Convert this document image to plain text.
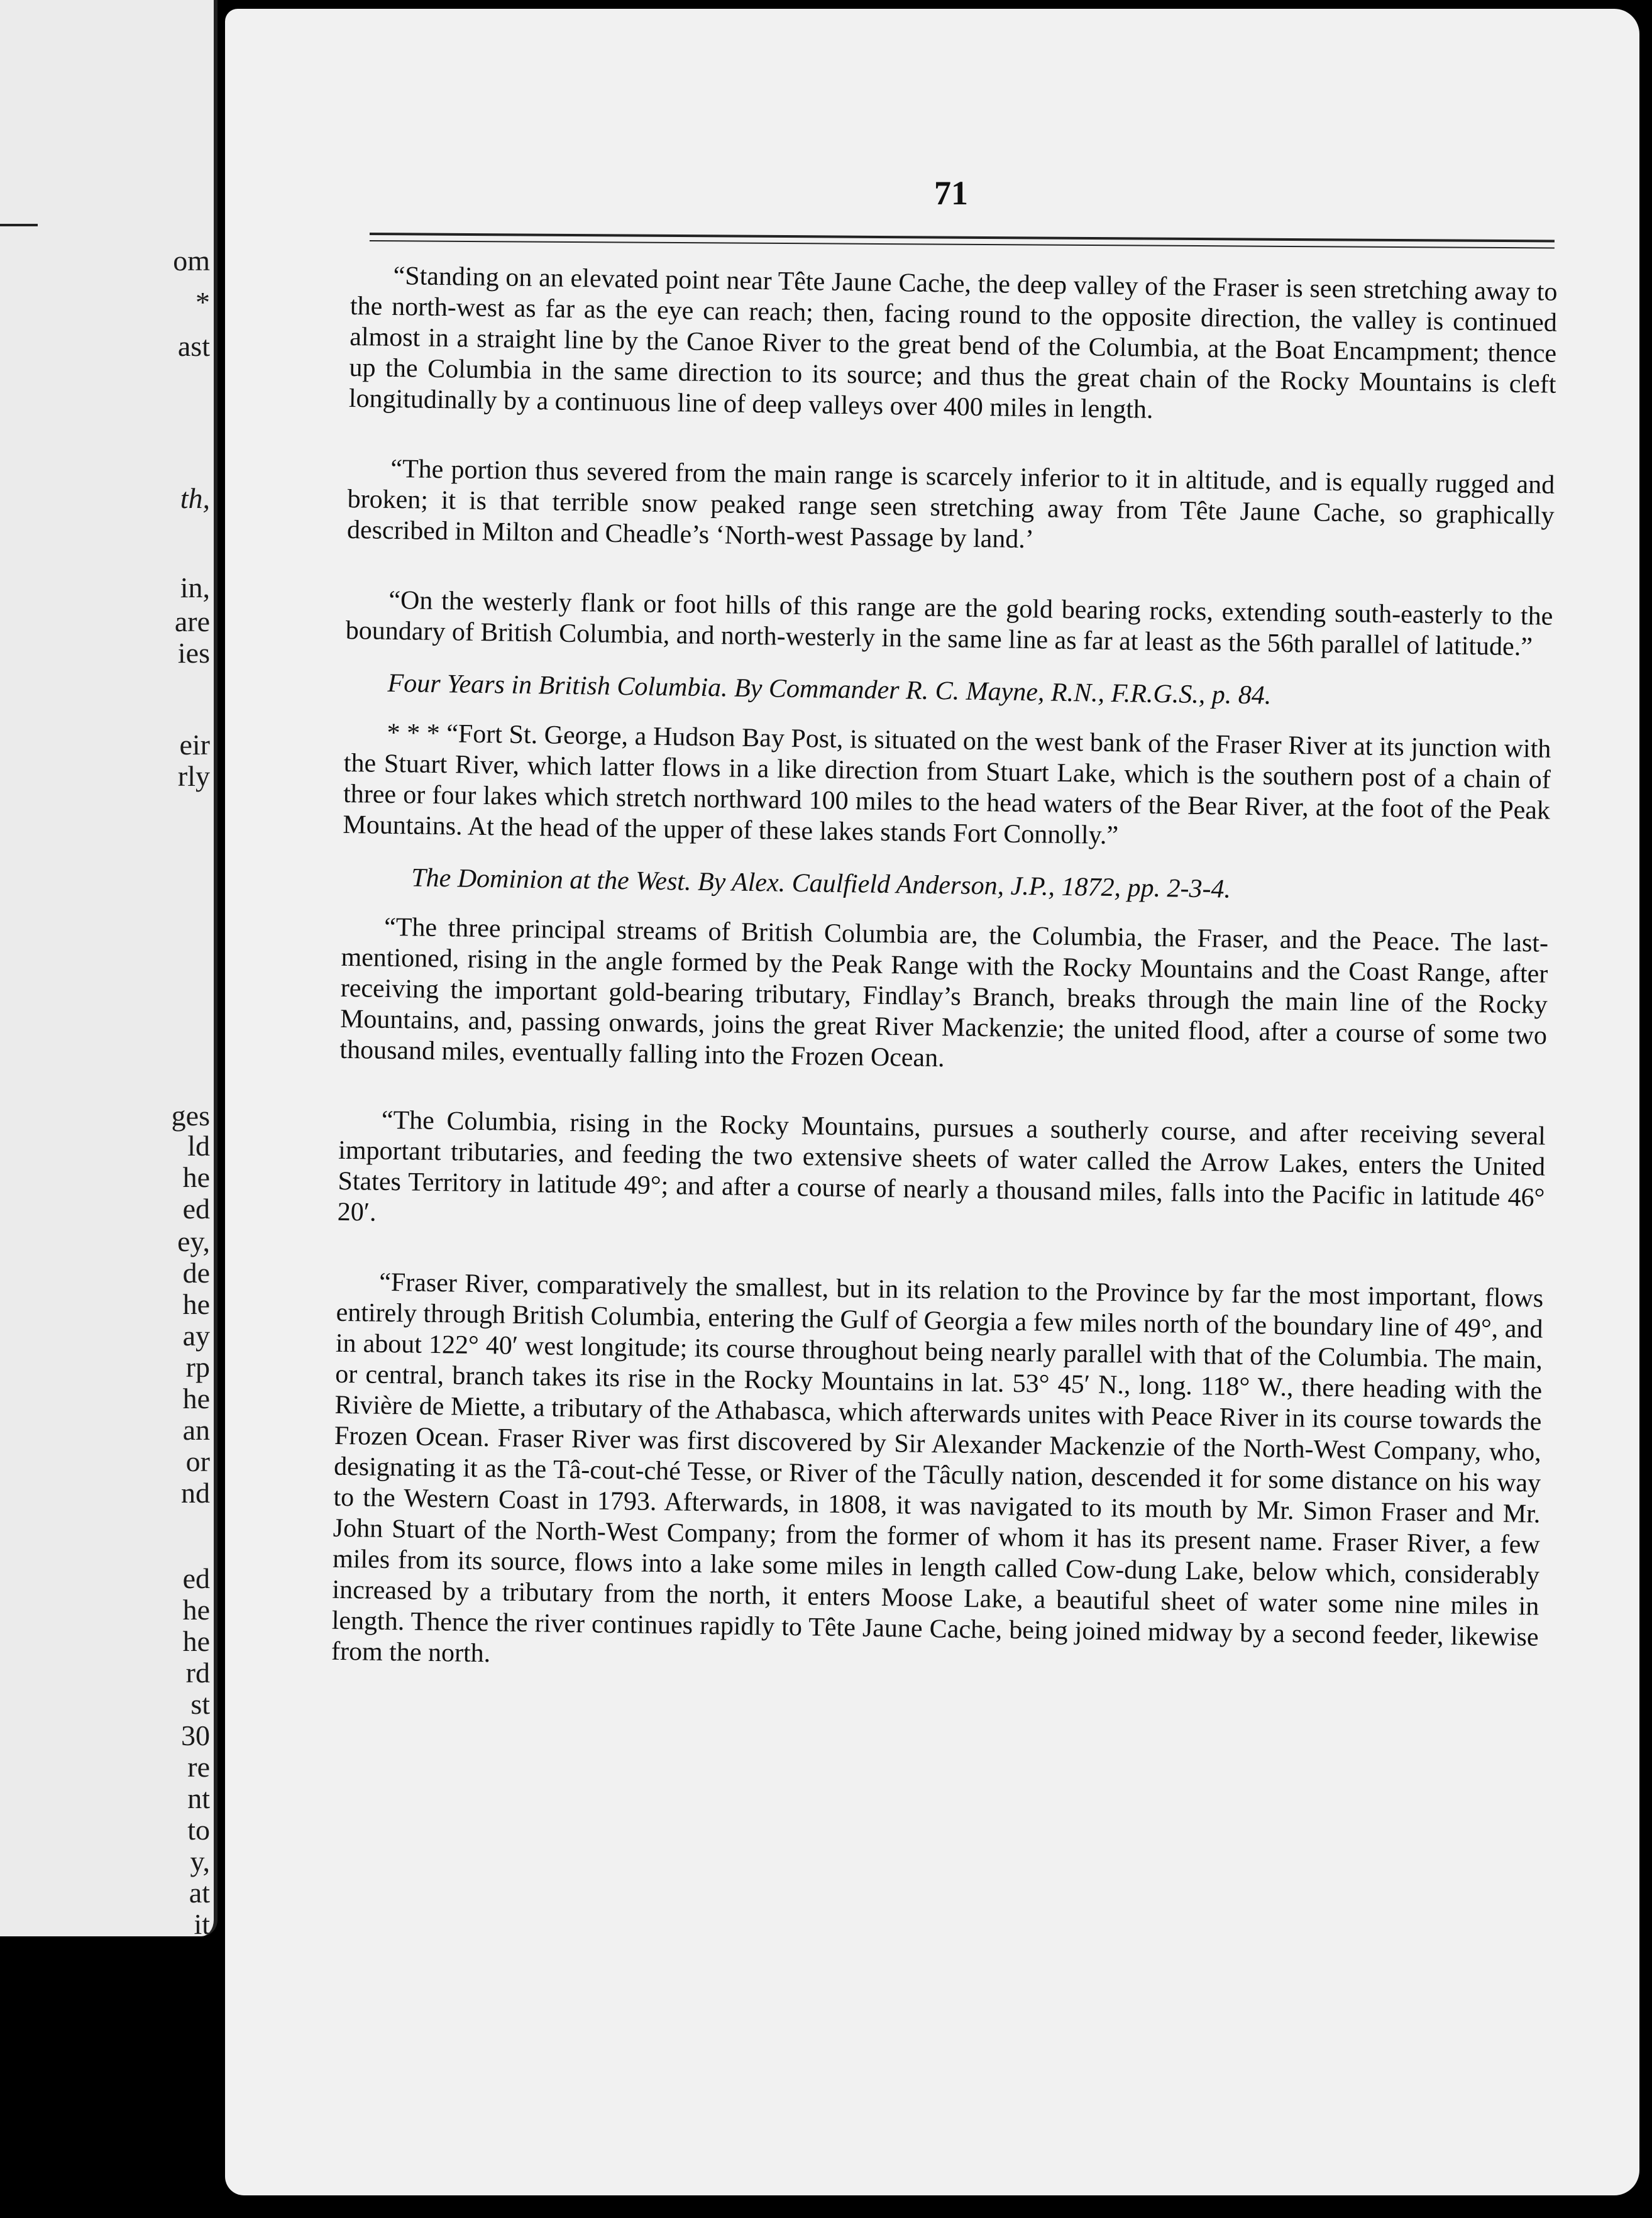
om

*

ast

th,

in,

are

ies

eir

rly

ges

ld

he

ed

ey,

de

he

ay

rp

he

an

or

nd

ed

he

he

rd

st

30

re

nt

to

y,

at

it

71

“Standing on an elevated point near Tête Jaune Cache, the deep valley of the Fraser is seen stretching away to the north-west as far as the eye can reach; then, facing round to the opposite direction, the valley is continued almost in a straight line by the Canoe River to the great bend of the Columbia, at the Boat Encampment; thence up the Columbia in the same direction to its source; and thus the great chain of the Rocky Mountains is cleft longitudinally by a continuous line of deep valleys over 400 miles in length.

“The portion thus severed from the main range is scarcely inferior to it in altitude, and is equally rugged and broken; it is that terrible snow peaked range seen stretching away from Tête Jaune Cache, so graphically described in Milton and Cheadle’s ‘North-west Passage by land.’

“On the westerly flank or foot hills of this range are the gold bearing rocks, extending south-easterly to the boundary of British Columbia, and north-westerly in the same line as far at least as the 56th parallel of latitude.”

Four Years in British Columbia. By Commander R. C. Mayne, R.N., F.R.G.S., p. 84.

* * * “Fort St. George, a Hudson Bay Post, is situated on the west bank of the Fraser River at its junction with the Stuart River, which latter flows in a like direction from Stuart Lake, which is the southern post of a chain of three or four lakes which stretch northward 100 miles to the head waters of the Bear River, at the foot of the Peak Mountains. At the head of the upper of these lakes stands Fort Connolly.”

The Dominion at the West. By Alex. Caulfield Anderson, J.P., 1872, pp. 2-3-4.

“The three principal streams of British Columbia are, the Columbia, the Fraser, and the Peace. The last-mentioned, rising in the angle formed by the Peak Range with the Rocky Mountains and the Coast Range, after receiving the important gold-bearing tributary, Findlay’s Branch, breaks through the main line of the Rocky Mountains, and, passing onwards, joins the great River Mackenzie; the united flood, after a course of some two thousand miles, eventually falling into the Frozen Ocean.

“The Columbia, rising in the Rocky Mountains, pursues a southerly course, and after receiving several important tributaries, and feeding the two extensive sheets of water called the Arrow Lakes, enters the United States Territory in latitude 49°; and after a course of nearly a thousand miles, falls into the Pacific in latitude 46° 20′.

“Fraser River, comparatively the smallest, but in its relation to the Province by far the most important, flows entirely through British Columbia, entering the Gulf of Georgia a few miles north of the boundary line of 49°, and in about 122° 40′ west longitude; its course throughout being nearly parallel with that of the Columbia. The main, or central, branch takes its rise in the Rocky Mountains in lat. 53° 45′ N., long. 118° W., there heading with the Rivière de Miette, a tributary of the Athabasca, which afterwards unites with Peace River in its course towards the Frozen Ocean. Fraser River was first discovered by Sir Alexander Mackenzie of the North-West Company, who, designating it as the Tâ-cout-ché Tesse, or River of the Tâcully nation, descended it for some distance on his way to the Western Coast in 1793. Afterwards, in 1808, it was navigated to its mouth by Mr. Simon Fraser and Mr. John Stuart of the North-West Company; from the former of whom it has its present name. Fraser River, a few miles from its source, flows into a lake some miles in length called Cow-dung Lake, below which, considerably increased by a tributary from the north, it enters Moose Lake, a beautiful sheet of water some nine miles in length. Thence the river continues rapidly to Tête Jaune Cache, being joined midway by a second feeder, likewise from the north.
